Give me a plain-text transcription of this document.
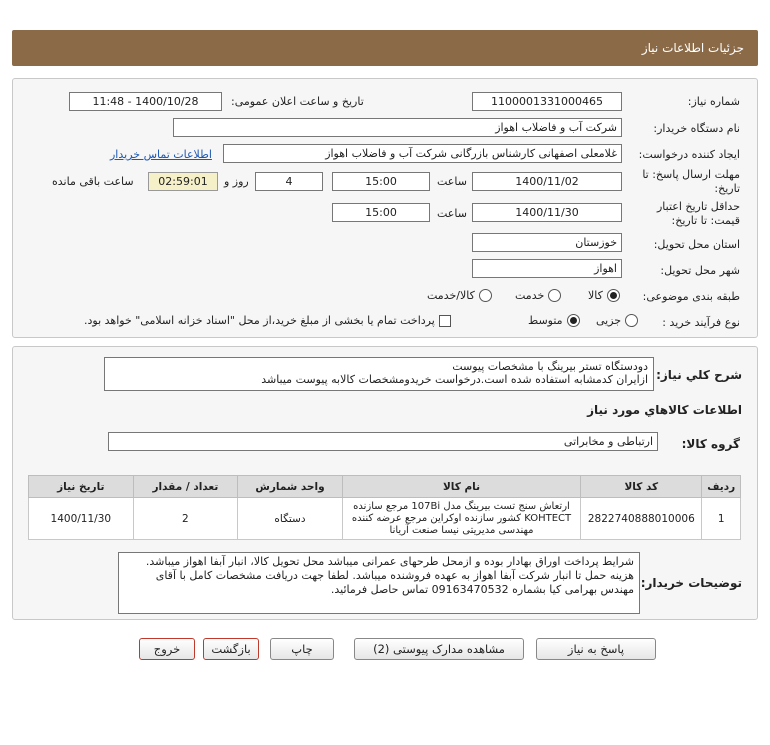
جزئیات اطلاعات نیاز
شماره نیاز:
1100001331000465
تاریخ و ساعت اعلان عمومی:
1400/10/28 - 11:48
نام دستگاه خریدار:
شرکت آب و فاضلاب اهواز
ایجاد کننده درخواست:
غلامعلی اصفهانی کارشناس بازرگانی شرکت آب و فاضلاب اهواز
اطلاعات تماس خریدار
مهلت ارسال پاسخ: تا
تاریخ:
1400/11/02
ساعت
15:00
4
روز و
02:59:01
ساعت باقی مانده
حداقل تاریخ اعتبار
قیمت: تا تاریخ:
1400/11/30
ساعت
15:00
استان محل تحویل:
خوزستان
شهر محل تحویل:
اهواز
طبقه بندی موضوعی:
کالا
خدمت
کالا/خدمت
نوع فرآیند خرید :
جزیی
متوسط
پرداخت تمام یا بخشی از مبلغ خرید،از محل "اسناد خزانه اسلامی" خواهد بود.
شرح کلي نياز:
دودستگاه تستر بیرینگ با مشخصات پیوست
ازایران کدمشابه استفاده شده است.درخواست خریدومشخصات کالابه پیوست میباشد
اطلاعات کالاهاي مورد نياز
گروه کالا:
ارتباطی و مخابراتی
ردیف	کد کالا	نام کالا	واحد شمارش	تعداد / مقدار	تاریخ نیاز
1	2822740888010006	ارتعاش سنج تست بیرینگ مدل 107Bi مرجع سازنده KOHTECT کشور سازنده اوکراین مرجع عرضه کننده مهندسی مدیریتی نیسا صنعت آریانا	دستگاه	2	1400/11/30
توضیحات خریدار:
شرایط پرداخت اوراق بهادار بوده و ازمحل طرحهای عمرانی میباشد محل تحویل کالا، انبار آبفا اهواز میباشد. هزینه حمل تا انبار شرکت آبفا اهواز به عهده فروشنده میباشد. لطفا جهت دریافت مشخصات کامل با آقای مهندس بهرامی کیا بشماره 09163470532 تماس حاصل فرمائید.
پاسخ به نیاز
مشاهده مدارک پیوستی (2)
چاپ
بازگشت
خروج
